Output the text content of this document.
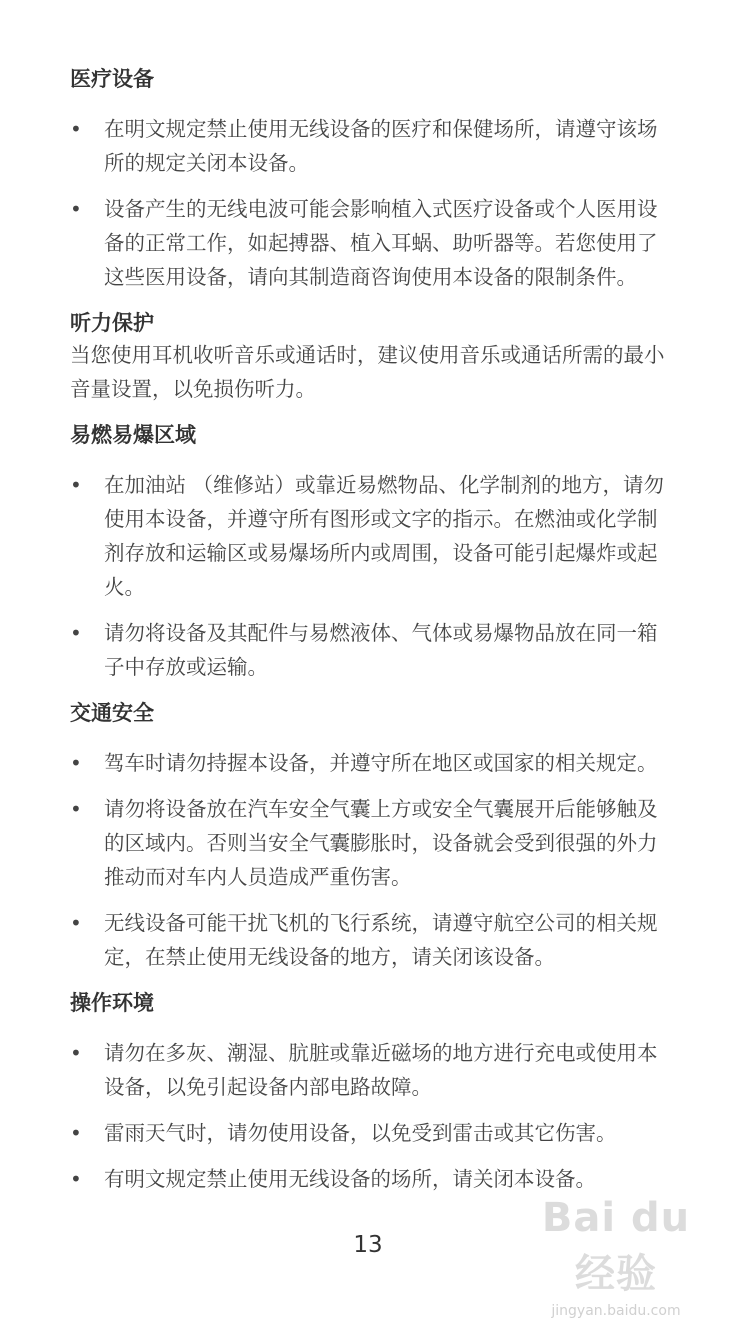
医疗设备
• 在明文规定禁止使用无线设备的医疗和保健场所，请遵守该场所的规定关闭本设备。
• 设备产生的无线电波可能会影响植入式医疗设备或个人医用设备的正常工作，如起搏器、植入耳蜗、助听器等。若您使用了这些医用设备，请向其制造商咨询使用本设备的限制条件。
听力保护

当您使用耳机收听音乐或通话时，建议使用音乐或通话所需的最小音量设置，以免损伤听力。

易燃易爆区域
• 在加油站 （维修站）或靠近易燃物品、化学制剂的地方，请勿使用本设备，并遵守所有图形或文字的指示。在燃油或化学制剂存放和运输区或易爆场所内或周围，设备可能引起爆炸或起火。
• 请勿将设备及其配件与易燃液体、气体或易爆物品放在同一箱子中存放或运输。
交通安全
• 驾车时请勿持握本设备，并遵守所在地区或国家的相关规定。
• 请勿将设备放在汽车安全气囊上方或安全气囊展开后能够触及的区域内。否则当安全气囊膨胀时，设备就会受到很强的外力推动而对车内人员造成严重伤害。
• 无线设备可能干扰飞机的飞行系统，请遵守航空公司的相关规定，在禁止使用无线设备的地方，请关闭该设备。
操作环境
• 请勿在多灰、潮湿、肮脏或靠近磁场的地方进行充电或使用本设备，以免引起设备内部电路故障。
• 雷雨天气时，请勿使用设备，以免受到雷击或其它伤害。
• 有明文规定禁止使用无线设备的场所，请关闭本设备。
13
Bai du 经验
jingyan.baidu.com
